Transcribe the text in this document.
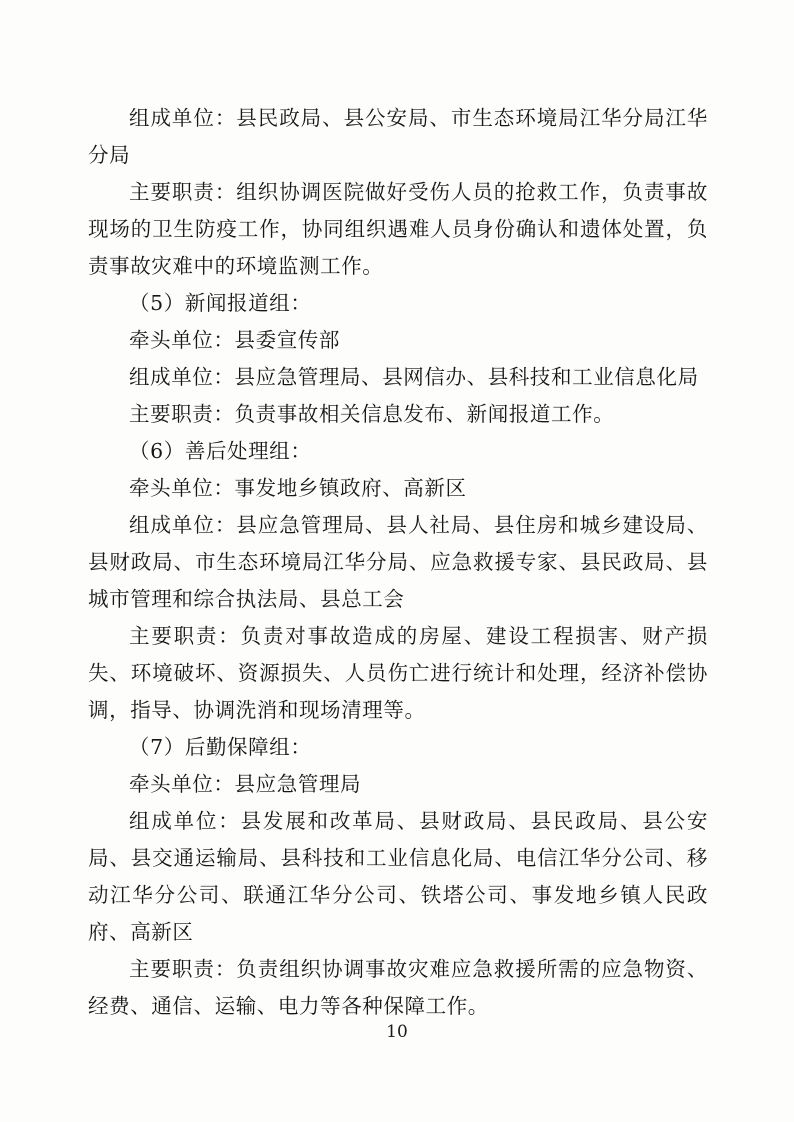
组成单位：县民政局、县公安局、市生态环境局江华分局江华分局

主要职责：组织协调医院做好受伤人员的抢救工作，负责事故现场的卫生防疫工作，协同组织遇难人员身份确认和遗体处置，负责事故灾难中的环境监测工作。

（5）新闻报道组：

牵头单位：县委宣传部

组成单位：县应急管理局、县网信办、县科技和工业信息化局

主要职责：负责事故相关信息发布、新闻报道工作。

（6）善后处理组：

牵头单位：事发地乡镇政府、高新区

组成单位：县应急管理局、县人社局、县住房和城乡建设局、县财政局、市生态环境局江华分局、应急救援专家、县民政局、县城市管理和综合执法局、县总工会

主要职责：负责对事故造成的房屋、建设工程损害、财产损失、环境破坏、资源损失、人员伤亡进行统计和处理，经济补偿协调，指导、协调洗消和现场清理等。

（7）后勤保障组：

牵头单位：县应急管理局

组成单位：县发展和改革局、县财政局、县民政局、县公安局、县交通运输局、县科技和工业信息化局、电信江华分公司、移动江华分公司、联通江华分公司、铁塔公司、事发地乡镇人民政府、高新区

主要职责：负责组织协调事故灾难应急救援所需的应急物资、经费、通信、运输、电力等各种保障工作。

10
